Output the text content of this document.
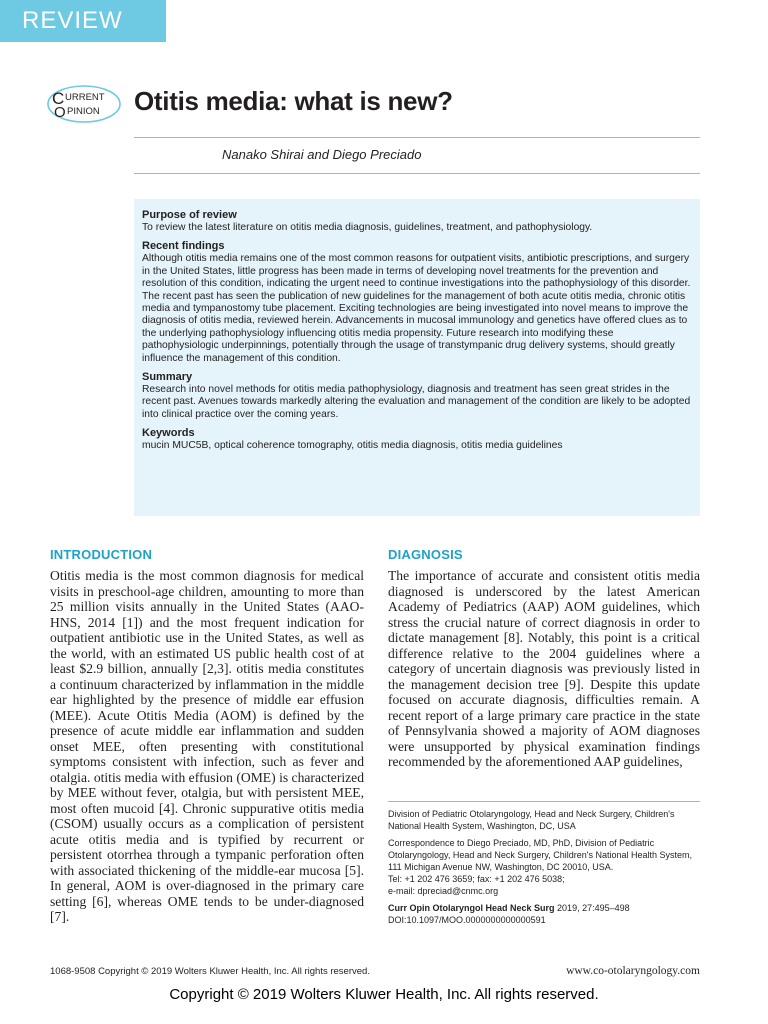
REVIEW
C URRENT
O PINION Otitis media: what is new?
Nanako Shirai and Diego Preciado
Purpose of review

To review the latest literature on otitis media diagnosis, guidelines, treatment, and pathophysiology.

Recent findings

Although otitis media remains one of the most common reasons for outpatient visits, antibiotic prescriptions, and surgery in the United States, little progress has been made in terms of developing novel treatments for the prevention and resolution of this condition, indicating the urgent need to continue investigations into the pathophysiology of this disorder. The recent past has seen the publication of new guidelines for the management of both acute otitis media, chronic otitis media and tympanostomy tube placement. Exciting technologies are being investigated into novel means to improve the diagnosis of otitis media, reviewed herein. Advancements in mucosal immunology and genetics have offered clues as to the underlying pathophysiology influencing otitis media propensity. Future research into modifying these pathophysiologic underpinnings, potentially through the usage of transtympanic drug delivery systems, should greatly influence the management of this condition.

Summary

Research into novel methods for otitis media pathophysiology, diagnosis and treatment has seen great strides in the recent past. Avenues towards markedly altering the evaluation and management of the condition are likely to be adopted into clinical practice over the coming years.

Keywords

mucin MUC5B, optical coherence tomography, otitis media diagnosis, otitis media guidelines

INTRODUCTION

Otitis media is the most common diagnosis for medical visits in preschool-age children, amounting to more than 25 million visits annually in the United States (AAO-HNS, 2014 [1]) and the most frequent indication for outpatient antibiotic use in the United States, as well as the world, with an estimated US public health cost of at least $2.9 billion, annually [2,3]. otitis media constitutes a continuum characterized by inflammation in the middle ear highlighted by the presence of middle ear effusion (MEE). Acute Otitis Media (AOM) is defined by the presence of acute middle ear inflammation and sudden onset MEE, often presenting with constitutional symptoms consistent with infection, such as fever and otalgia. otitis media with effusion (OME) is characterized by MEE without fever, otalgia, but with persistent MEE, most often mucoid [4]. Chronic suppurative otitis media (CSOM) usually occurs as a complication of persistent acute otitis media and is typified by recurrent or persistent otorrhea through a tympanic perforation often with associated thickening of the middle-ear mucosa [5]. In general, AOM is over-diagnosed in the primary care setting [6], whereas OME tends to be under-diagnosed [7].

DIAGNOSIS

The importance of accurate and consistent otitis media diagnosed is underscored by the latest American Academy of Pediatrics (AAP) AOM guidelines, which stress the crucial nature of correct diagnosis in order to dictate management [8]. Notably, this point is a critical difference relative to the 2004 guidelines where a category of uncertain diagnosis was previously listed in the management decision tree [9]. Despite this update focused on accurate diagnosis, difficulties remain. A recent report of a large primary care practice in the state of Pennsylvania showed a majority of AOM diagnoses were unsupported by physical examination findings recommended by the aforementioned AAP guidelines,

Division of Pediatric Otolaryngology, Head and Neck Surgery, Children's National Health System, Washington, DC, USA

Correspondence to Diego Preciado, MD, PhD, Division of Pediatric Otolaryngology, Head and Neck Surgery, Children's National Health System, 111 Michigan Avenue NW, Washington, DC 20010, USA.

Tel: +1 202 476 3659; fax: +1 202 476 5038;

e-mail: dpreciad@cnmc.org

Curr Opin Otolaryngol Head Neck Surg 2019, 27:495–498

DOI:10.1097/MOO.0000000000000591

1068-9508 Copyright © 2019 Wolters Kluwer Health, Inc. All rights reserved.	www.co-otolaryngology.com
Copyright © 2019 Wolters Kluwer Health, Inc. All rights reserved.
